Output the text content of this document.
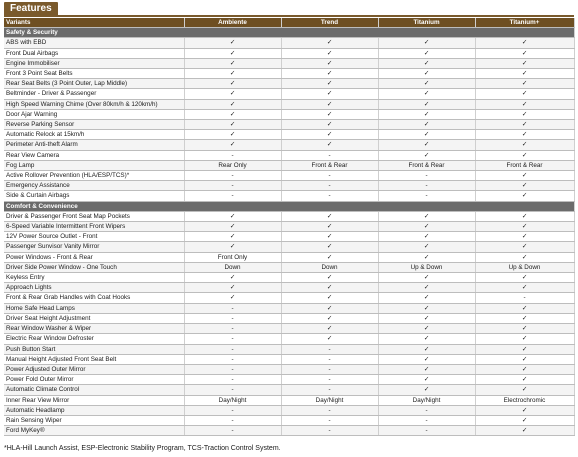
Features
Variants	Ambiente	Trend	Titanium	Titanium+
Safety & Security				
ABS with EBD	✓	✓	✓	✓
Front Dual Airbags	✓	✓	✓	✓
Engine Immobiliser	✓	✓	✓	✓
Front 3 Point Seat Belts	✓	✓	✓	✓
Rear Seat Belts (3 Point Outer, Lap Middle)	✓	✓	✓	✓
Beltminder - Driver & Passenger	✓	✓	✓	✓
High Speed Warning Chime (Over 80km/h & 120km/h)	✓	✓	✓	✓
Door Ajar Warning	✓	✓	✓	✓
Reverse Parking Sensor	✓	✓	✓	✓
Automatic Relock at 15km/h	✓	✓	✓	✓
Perimeter Anti-theft Alarm	✓	✓	✓	✓
Rear View Camera	-	-	✓	✓
Fog Lamp	Rear Only	Front & Rear	Front & Rear	Front & Rear
Active Rollover Prevention (HLA/ESP/TCS)*	-	-	-	✓
Emergency Assistance	-	-	-	✓
Side & Curtain Airbags	-	-	-	✓
Comfort & Convenience				
Driver & Passenger Front Seat Map Pockets	✓	✓	✓	✓
6-Speed Variable Intermittent Front Wipers	✓	✓	✓	✓
12V Power Source Outlet - Front	✓	✓	✓	✓
Passenger Sunvisor Vanity Mirror	✓	✓	✓	✓
Power Windows - Front & Rear	Front Only	✓	✓	✓
Driver Side Power Window - One Touch	Down	Down	Up & Down	Up & Down
Keyless Entry	✓	✓	✓	✓
Approach Lights	✓	✓	✓	✓
Front & Rear Grab Handles with Coat Hooks	✓	✓	✓	-
Home Safe Head Lamps	-	✓	✓	✓
Driver Seat Height Adjustment	-	✓	✓	✓
Rear Window Washer & Wiper	-	✓	✓	✓
Electric Rear Window Defroster	-	✓	✓	✓
Push Button Start	-	-	✓	✓
Manual Height Adjusted Front Seat Belt	-	-	✓	✓
Power Adjusted Outer Mirror	-	-	✓	✓
Power Fold Outer Mirror	-	-	✓	✓
Automatic Climate Control	-	-	✓	✓
Inner Rear View Mirror	Day/Night	Day/Night	Day/Night	Electrochromic
Automatic Headlamp	-	-	-	✓
Rain Sensing Wiper	-	-	-	✓
Ford MyKey®	-	-	-	✓
*HLA-Hill Launch Assist, ESP-Electronic Stability Program, TCS-Traction Control System.
